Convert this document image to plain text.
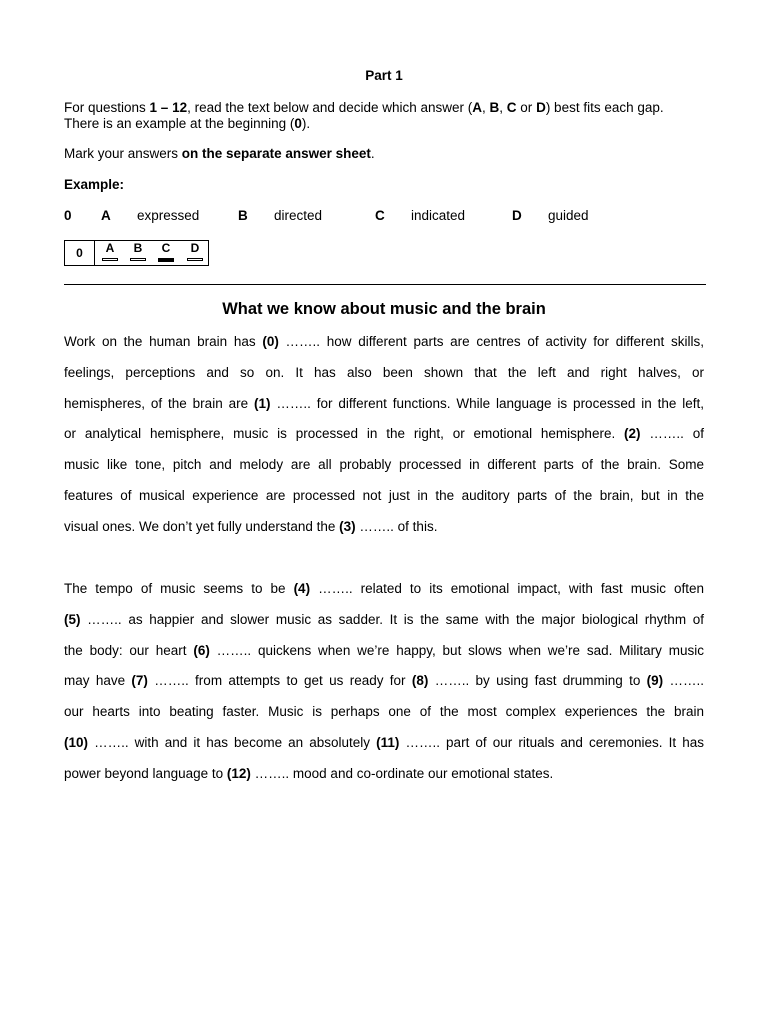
Part 1
For questions 1 – 12, read the text below and decide which answer (A, B, C or D) best fits each gap.
There is an example at the beginning (0).
Mark your answers on the separate answer sheet.
Example:
0 A expressed	B directed	C indicated	D guided
0	A	B	C	D
What we know about music and the brain
Work on the human brain has (0) …….. how different parts are centres of activity for different skills,
feelings, perceptions and so on. It has also been shown that the left and right halves, or
hemispheres, of the brain are (1) …….. for different functions. While language is processed in the left,
or analytical hemisphere, music is processed in the right, or emotional hemisphere. (2) …….. of
music like tone, pitch and melody are all probably processed in different parts of the brain. Some
features of musical experience are processed not just in the auditory parts of the brain, but in the
visual ones. We don’t yet fully understand the (3) …….. of this.
The tempo of music seems to be (4) …….. related to its emotional impact, with fast music often
(5) …….. as happier and slower music as sadder. It is the same with the major biological rhythm of
the body: our heart (6) …….. quickens when we’re happy, but slows when we’re sad. Military music
may have (7) …….. from attempts to get us ready for (8) …….. by using fast drumming to (9) ……..
our hearts into beating faster. Music is perhaps one of the most complex experiences the brain
(10) …….. with and it has become an absolutely (11) …….. part of our rituals and ceremonies. It has
power beyond language to (12) …….. mood and co-ordinate our emotional states.
